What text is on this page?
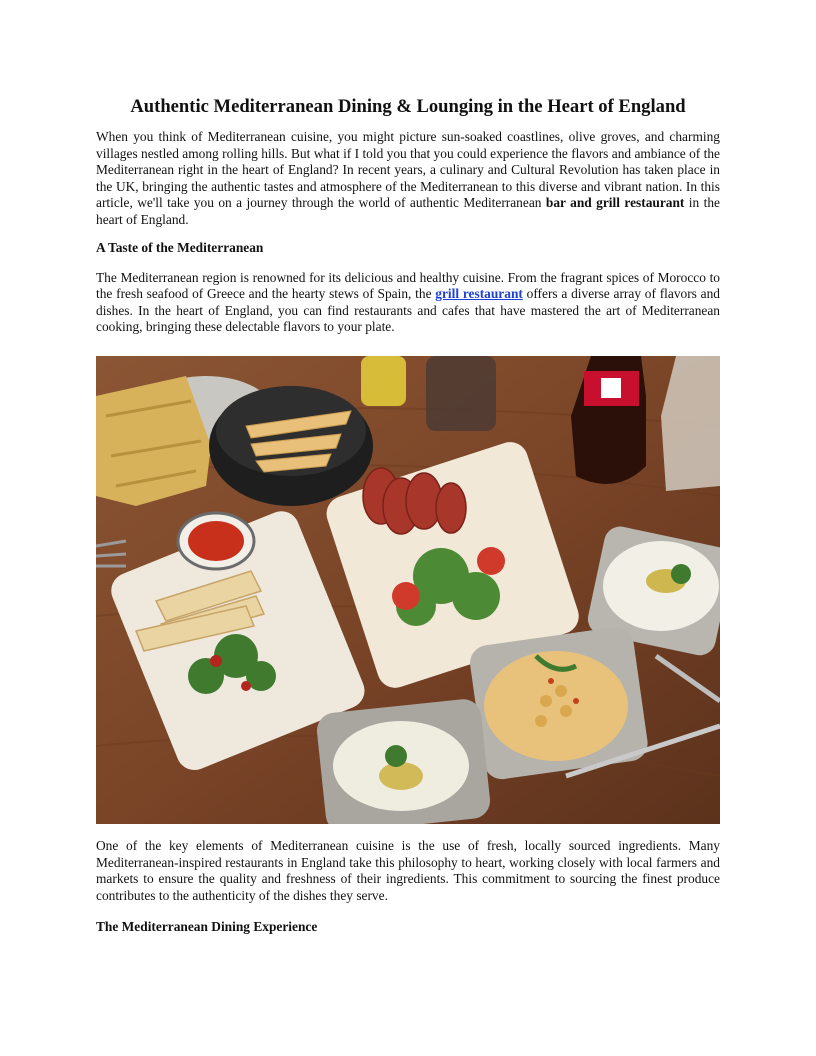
Authentic Mediterranean Dining & Lounging in the Heart of England

When you think of Mediterranean cuisine, you might picture sun-soaked coastlines, olive groves, and charming villages nestled among rolling hills. But what if I told you that you could experience the flavors and ambiance of the Mediterranean right in the heart of England? In recent years, a culinary and Cultural Revolution has taken place in the UK, bringing the authentic tastes and atmosphere of the Mediterranean to this diverse and vibrant nation. In this article, we'll take you on a journey through the world of authentic Mediterranean bar and grill restaurant in the heart of England.

A Taste of the Mediterranean

The Mediterranean region is renowned for its delicious and healthy cuisine. From the fragrant spices of Morocco to the fresh seafood of Greece and the hearty stews of Spain, the grill restaurant offers a diverse array of flavors and dishes. In the heart of England, you can find restaurants and cafes that have mastered the art of Mediterranean cooking, bringing these delectable flavors to your plate.

One of the key elements of Mediterranean cuisine is the use of fresh, locally sourced ingredients. Many Mediterranean-inspired restaurants in England take this philosophy to heart, working closely with local farmers and markets to ensure the quality and freshness of their ingredients. This commitment to sourcing the finest produce contributes to the authenticity of the dishes they serve.

The Mediterranean Dining Experience
